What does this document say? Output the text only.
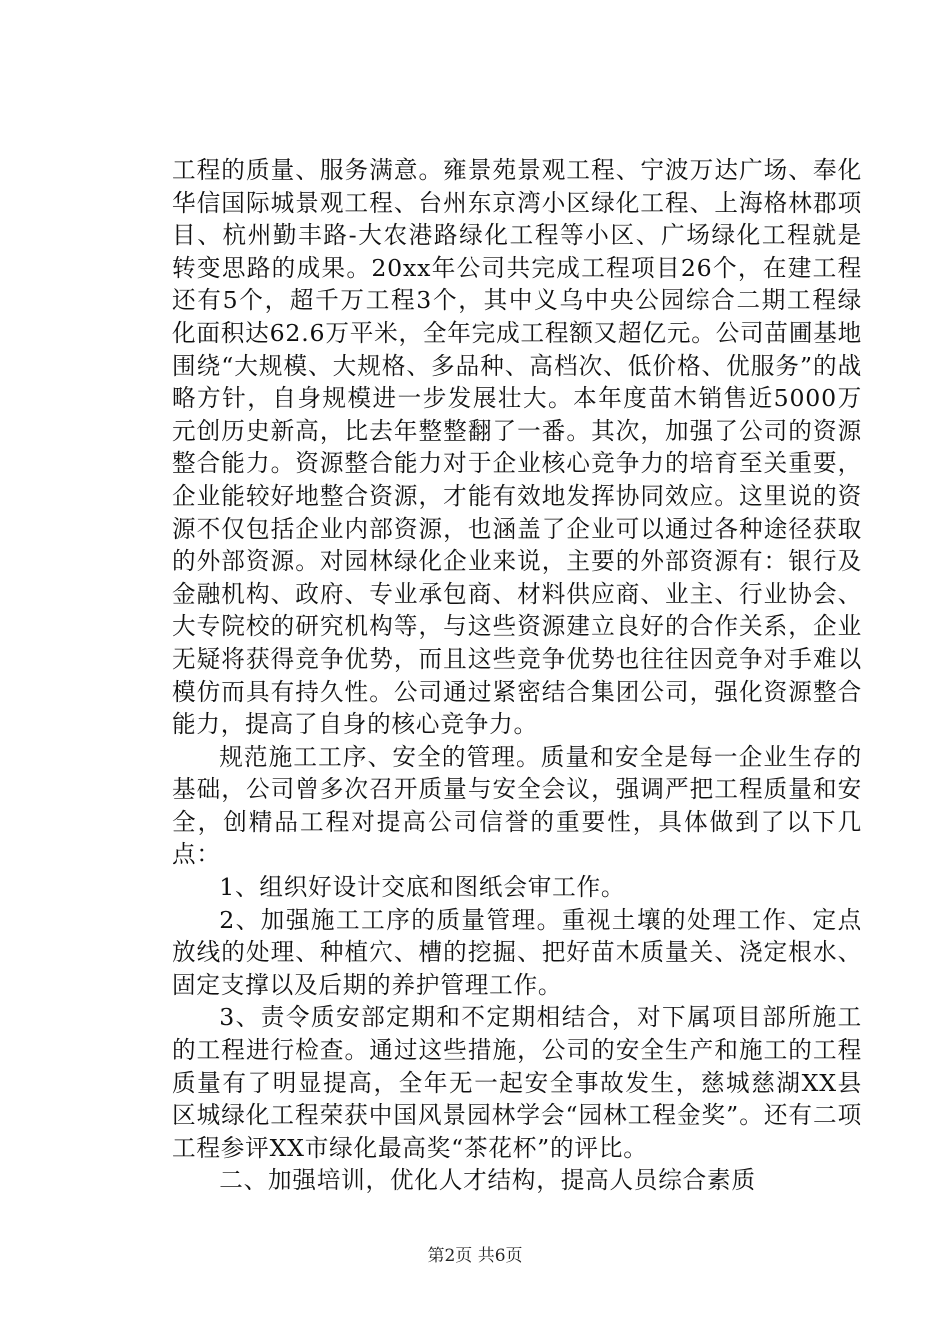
工程的质量、服务满意。雍景苑景观工程、宁波万达广场、奉化华信国际城景观工程、台州东京湾小区绿化工程、上海格林郡项目、杭州勤丰路-大农港路绿化工程等小区、广场绿化工程就是转变思路的成果。20xx年公司共完成工程项目26个，在建工程还有5个，超千万工程3个，其中义乌中央公园综合二期工程绿化面积达62.6万平米，全年完成工程额又超亿元。公司苗圃基地围绕“大规模、大规格、多品种、高档次、低价格、优服务”的战略方针，自身规模进一步发展壮大。本年度苗木销售近5000万元创历史新高，比去年整整翻了一番。其次，加强了公司的资源整合能力。资源整合能力对于企业核心竞争力的培育至关重要，企业能较好地整合资源，才能有效地发挥协同效应。这里说的资源不仅包括企业内部资源，也涵盖了企业可以通过各种途径获取的外部资源。对园林绿化企业来说，主要的外部资源有：银行及金融机构、政府、专业承包商、材料供应商、业主、行业协会、大专院校的研究机构等，与这些资源建立良好的合作关系，企业无疑将获得竞争优势，而且这些竞争优势也往往因竞争对手难以模仿而具有持久性。公司通过紧密结合集团公司，强化资源整合能力，提高了自身的核心竞争力。

规范施工工序、安全的管理。质量和安全是每一企业生存的基础，公司曾多次召开质量与安全会议，强调严把工程质量和安全，创精品工程对提高公司信誉的重要性，具体做到了以下几点：

1、组织好设计交底和图纸会审工作。

2、加强施工工序的质量管理。重视土壤的处理工作、定点放线的处理、种植穴、槽的挖掘、把好苗木质量关、浇定根水、固定支撑以及后期的养护管理工作。

3、责令质安部定期和不定期相结合，对下属项目部所施工的工程进行检查。通过这些措施，公司的安全生产和施工的工程质量有了明显提高，全年无一起安全事故发生，慈城慈湖XX县区城绿化工程荣获中国风景园林学会“园林工程金奖”。还有二项工程参评XX市绿化最高奖“茶花杯”的评比。

二、加强培训，优化人才结构，提高人员综合素质

第2页 共6页
